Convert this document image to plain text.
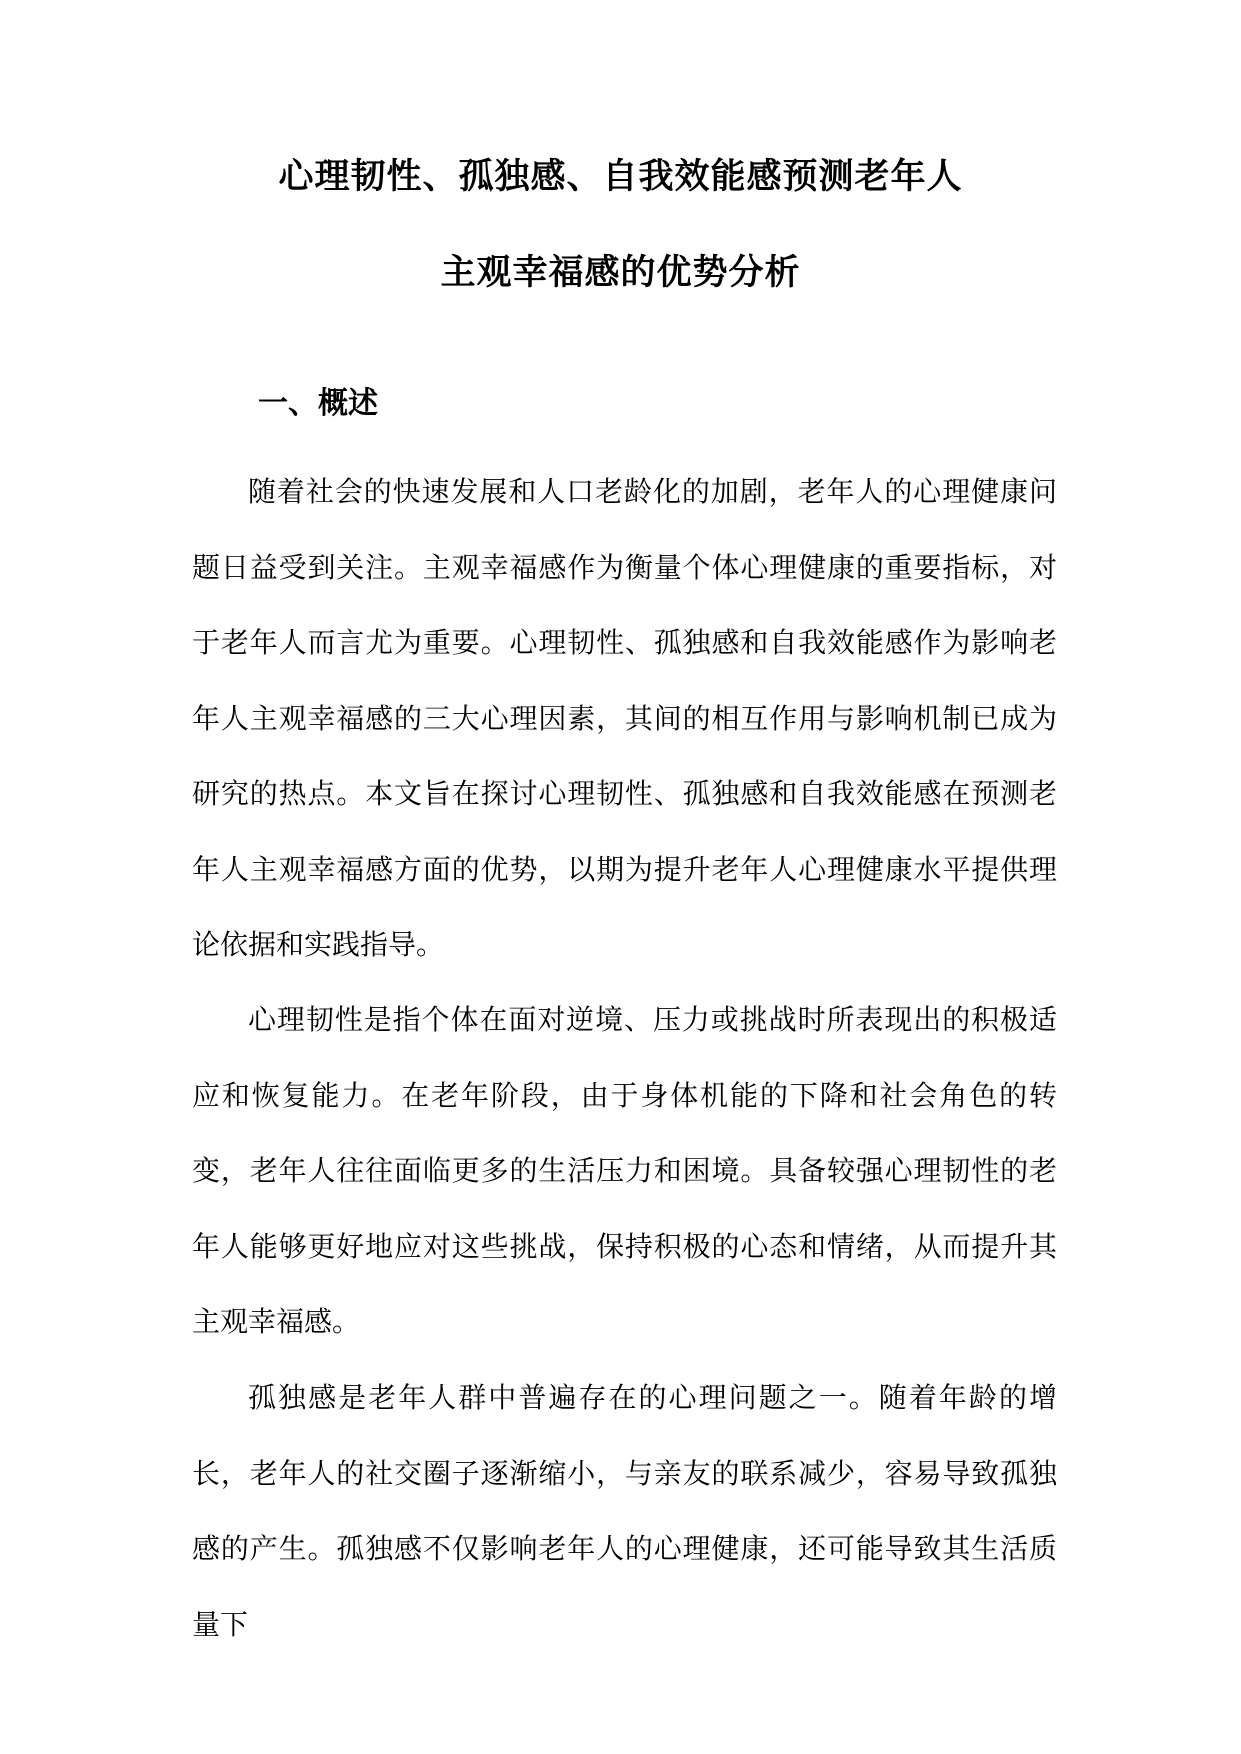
心理韧性、孤独感、自我效能感预测老年人
主观幸福感的优势分析
一、概述

随着社会的快速发展和人口老龄化的加剧，老年人的心理健康问题日益受到关注。主观幸福感作为衡量个体心理健康的重要指标，对于老年人而言尤为重要。心理韧性、孤独感和自我效能感作为影响老年人主观幸福感的三大心理因素，其间的相互作用与影响机制已成为研究的热点。本文旨在探讨心理韧性、孤独感和自我效能感在预测老年人主观幸福感方面的优势，以期为提升老年人心理健康水平提供理论依据和实践指导。

心理韧性是指个体在面对逆境、压力或挑战时所表现出的积极适应和恢复能力。在老年阶段，由于身体机能的下降和社会角色的转变，老年人往往面临更多的生活压力和困境。具备较强心理韧性的老年人能够更好地应对这些挑战，保持积极的心态和情绪，从而提升其主观幸福感。

孤独感是老年人群中普遍存在的心理问题之一。随着年龄的增长，老年人的社交圈子逐渐缩小，与亲友的联系减少，容易导致孤独感的产生。孤独感不仅影响老年人的心理健康，还可能导致其生活质量下
